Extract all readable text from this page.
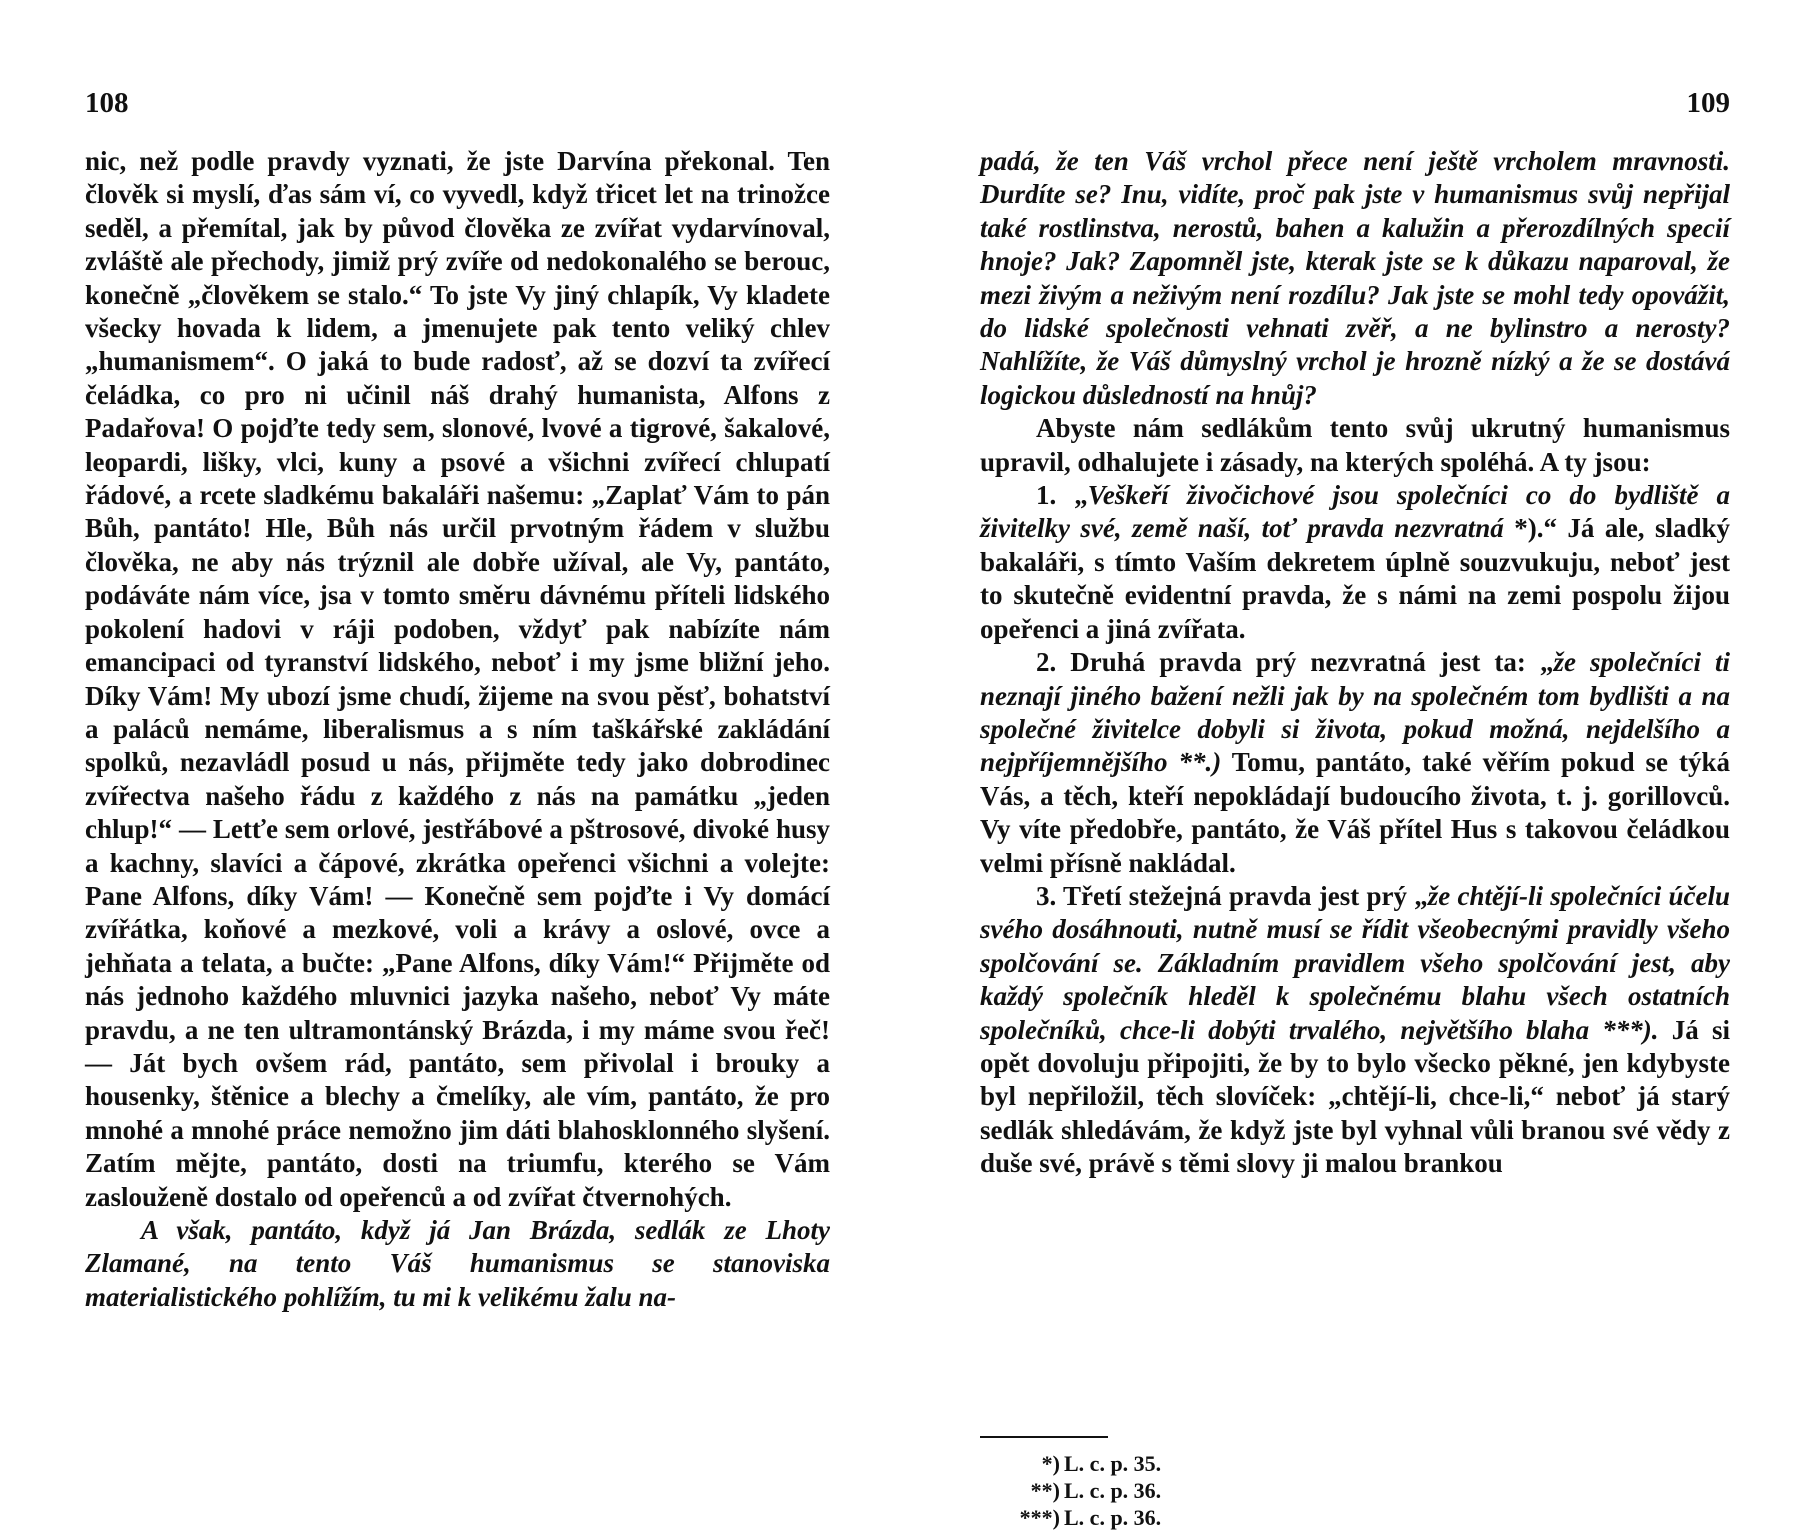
108

nic, než podle pravdy vyznati, že jste Darvína překonal. Ten člověk si myslí, ďas sám ví, co vyvedl, když třicet let na trinožce seděl, a přemítal, jak by původ člověka ze zvířat vydarvínoval, zvláště ale přechody, jimiž prý zvíře od nedokonalého se berouc, konečně „člověkem se stalo.“ To jste Vy jiný chlapík, Vy kladete všecky hovada k lidem, a jmenujete pak tento veliký chlev „humanismem“. O jaká to bude radosť, až se dozví ta zvířecí čeládka, co pro ni učinil náš drahý humanista, Alfons z Padařova! O pojďte tedy sem, slonové, lvové a tigrové, šakalové, leopardi, lišky, vlci, kuny a psové a všichni zvířecí chlupatí řádové, a rcete sladkému bakaláři našemu: „Zaplať Vám to pán Bůh, pantáto! Hle, Bůh nás určil prvotným řádem v službu člověka, ne aby nás trýznil ale dobře užíval, ale Vy, pantáto, podáváte nám více, jsa v tomto směru dávnému příteli lidského pokolení hadovi v ráji podoben, vždyť pak nabízíte nám emancipaci od tyranství lidského, neboť i my jsme bližní jeho. Díky Vám! My ubozí jsme chudí, žijeme na svou pěsť, bohatství a paláců nemáme, liberalismus a s ním taškářské zakládání spolků, nezavládl posud u nás, přijměte tedy jako dobrodinec zvířectva našeho řádu z každého z nás na památku „jeden chlup!“ — Letťe sem orlové, jestřábové a pštrosové, divoké husy a kachny, slavíci a čápové, zkrátka opeřenci všichni a volejte: Pane Alfons, díky Vám! — Konečně sem pojďte i Vy domácí zvířátka, koňové a mezkové, voli a krávy a oslové, ovce a jehňata a telata, a bučte: „Pane Alfons, díky Vám!“ Přijměte od nás jednoho každého mluvnici jazyka našeho, neboť Vy máte pravdu, a ne ten ultramontánský Brázda, i my máme svou řeč! — Ját bych ovšem rád, pantáto, sem přivolal i brouky a housenky, štěnice a blechy a čmelíky, ale vím, pantáto, že pro mnohé a mnohé práce nemožno jim dáti blahosklonného slyšení. Zatím mějte, pantáto, dosti na triumfu, kterého se Vám zaslouženě dostalo od opeřenců a od zvířat čtvernohých.

A však, pantáto, když já Jan Brázda, sedlák ze Lhoty Zlamané, na tento Váš humanismus se stanoviska materialistického pohlížím, tu mi k velikému žalu na-

109

padá, že ten Váš vrchol přece není ještě vrcholem mravnosti. Durdíte se? Inu, vidíte, proč pak jste v humanismus svůj nepřijal také rostlinstva, nerostů, bahen a kalužin a přerozdílných specií hnoje? Jak? Zapomněl jste, kterak jste se k důkazu naparoval, že mezi živým a neživým není rozdílu? Jak jste se mohl tedy opovážit, do lidské společnosti vehnati zvěř, a ne bylinstro a nerosty? Nahlížíte, že Váš důmyslný vrchol je hrozně nízký a že se dostává logickou důsledností na hnůj?

Abyste nám sedlákům tento svůj ukrutný humanismus upravil, odhalujete i zásady, na kterých spoléhá. A ty jsou:

1. „Veškeří živočichové jsou společníci co do bydliště a živitelky své, země naší, toť pravda nezvratná *).“ Já ale, sladký bakaláři, s tímto Vaším dekretem úplně souzvukuju, neboť jest to skutečně evidentní pravda, že s námi na zemi pospolu žijou opeřenci a jiná zvířata.

2. Druhá pravda prý nezvratná jest ta: „že společníci ti neznají jiného bažení nežli jak by na společném tom bydlišti a na společné živitelce dobyli si života, pokud možná, nejdelšího a nejpříjemnějšího **.) Tomu, pantáto, také věřím pokud se týká Vás, a těch, kteří nepokládají budoucího života, t. j. gorillovců. Vy víte předobře, pantáto, že Váš přítel Hus s takovou čeládkou velmi přísně nakládal.

3. Třetí stežejná pravda jest prý „že chtějí-li společníci účelu svého dosáhnouti, nutně musí se řídit všeobecnými pravidly všeho spolčování se. Základním pravidlem všeho spolčování jest, aby každý společník hleděl k společnému blahu všech ostatních společníků, chce-li dobýti trvalého, největšího blaha ***). Já si opět dovoluju připojiti, že by to bylo všecko pěkné, jen kdybyste byl nepřiložil, těch slovíček: „chtějí-li, chce-li,“ neboť já starý sedlák shledávám, že když jste byl vyhnal vůli branou své vědy z duše své, právě s těmi slovy ji malou brankou

*) L. c. p. 35.
**) L. c. p. 36.
***) L. c. p. 36.
